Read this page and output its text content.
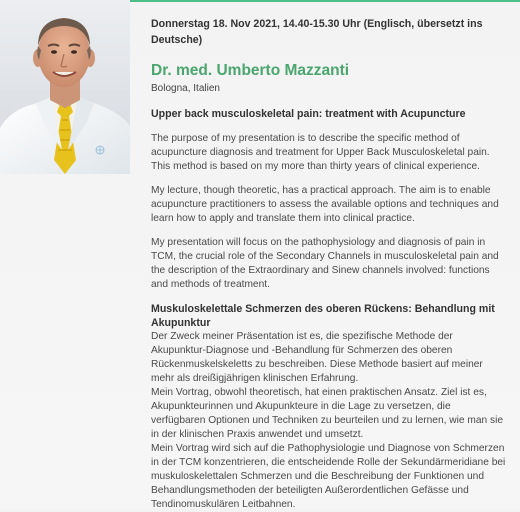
Donnerstag 18. Nov 2021, 14.40-15.30 Uhr (Englisch, übersetzt ins Deutsche)

Dr. med. Umberto Mazzanti

Bologna, Italien

Upper back musculoskeletal pain: treatment with Acupuncture

The purpose of my presentation is to describe the specific method of acupuncture diagnosis and treatment for Upper Back Musculoskeletal pain. This method is based on my more than thirty years of clinical experience.

My lecture, though theoretic, has a practical approach. The aim is to enable acupuncture practitioners to assess the available options and techniques and learn how to apply and translate them into clinical practice.

My presentation will focus on the pathophysiology and diagnosis of pain in TCM, the crucial role of the Secondary Channels in musculoskeletal pain and the description of the Extraordinary and Sinew channels involved: functions and methods of treatment.

Muskuloskelettale Schmerzen des oberen Rückens: Behandlung mit Akupunktur

Der Zweck meiner Präsentation ist es, die spezifische Methode der Akupunktur-Diagnose und -Behandlung für Schmerzen des oberen Rückenmuskelskeletts zu beschreiben. Diese Methode basiert auf meiner mehr als dreißigjährigen klinischen Erfahrung.

Mein Vortrag, obwohl theoretisch, hat einen praktischen Ansatz. Ziel ist es, Akupunkteurinnen und Akupunkteure in die Lage zu versetzen, die verfügbaren Optionen und Techniken zu beurteilen und zu lernen, wie man sie in der klinischen Praxis anwendet und umsetzt.

Mein Vortrag wird sich auf die Pathophysiologie und Diagnose von Schmerzen in der TCM konzentrieren, die entscheidende Rolle der Sekundärmeridiane bei muskuloskelettalen Schmerzen und die Beschreibung der Funktionen und Behandlungsmethoden der beteiligten Außerordentlichen Gefässe und Tendinomuskulären Leitbahnen.
